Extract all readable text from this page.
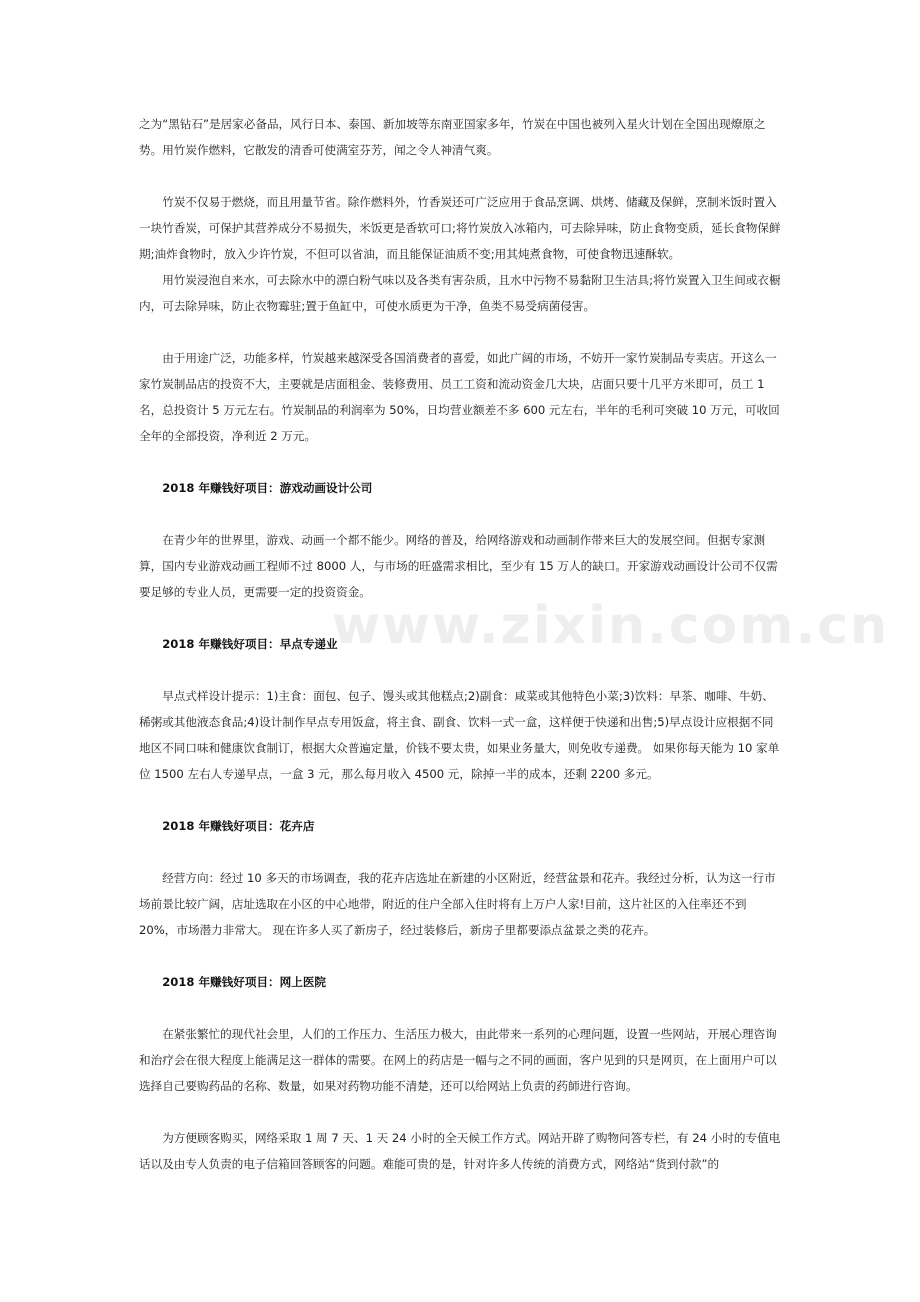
之为“黑钻石”是居家必备品，风行日本、泰国、新加坡等东南亚国家多年，竹炭在中国也被列入星火计划在全国出现燎原之势。用竹炭作燃料，它散发的清香可使满室芬芳，闻之令人神清气爽。
竹炭不仅易于燃烧，而且用量节省。除作燃料外，竹香炭还可广泛应用于食品烹调、烘烤、储藏及保鲜，烹制米饭时置入一块竹香炭，可保护其营养成分不易损失，米饭更是香软可口;将竹炭放入冰箱内，可去除异味，防止食物变质，延长食物保鲜期;油炸食物时，放入少许竹炭，不但可以省油，而且能保证油质不变;用其炖煮食物，可使食物迅速酥软。
用竹炭浸泡自来水，可去除水中的漂白粉气味以及各类有害杂质，且水中污物不易黏附卫生洁具;将竹炭置入卫生间或衣橱内，可去除异味，防止衣物霉驻;置于鱼缸中，可使水质更为干净，鱼类不易受病菌侵害。
由于用途广泛，功能多样，竹炭越来越深受各国消费者的喜爱，如此广阔的市场，不妨开一家竹炭制品专卖店。开这么一家竹炭制品店的投资不大，主要就是店面租金、装修费用、员工工资和流动资金几大块，店面只要十几平方米即可，员工 1 名，总投资计 5 万元左右。竹炭制品的利润率为 50%，日均营业额差不多 600 元左右，半年的毛利可突破 10 万元，可收回全年的全部投资，净利近 2 万元。
2018 年赚钱好项目：游戏动画设计公司
在青少年的世界里，游戏、动画一个都不能少。网络的普及，给网络游戏和动画制作带来巨大的发展空间。但据专家测算，国内专业游戏动画工程师不过 8000 人，与市场的旺盛需求相比，至少有 15 万人的缺口。开家游戏动画设计公司不仅需要足够的专业人员，更需要一定的投资资金。
2018 年赚钱好项目：早点专递业
早点式样设计提示：1)主食：面包、包子、馒头或其他糕点;2)副食：咸菜或其他特色小菜;3)饮料：早茶、咖啡、牛奶、稀粥或其他液态食品;4)设计制作早点专用饭盒，将主食、副食、饮料一式一盒，这样便于快递和出售;5)早点设计应根据不同地区不同口味和健康饮食制订，根据大众普遍定量，价钱不要太贵，如果业务量大，则免收专递费。 如果你每天能为 10 家单位 1500 左右人专递早点，一盒 3 元，那么每月收入 4500 元，除掉一半的成本，还剩 2200 多元。
2018 年赚钱好项目：花卉店
经营方向：经过 10 多天的市场调查，我的花卉店选址在新建的小区附近，经营盆景和花卉。我经过分析，认为这一行市场前景比较广阔，店址选取在小区的中心地带，附近的住户全部入住时将有上万户人家!目前，这片社区的入住率还不到 20%，市场潜力非常大。 现在许多人买了新房子，经过装修后，新房子里都要添点盆景之类的花卉。
2018 年赚钱好项目：网上医院
在紧张繁忙的现代社会里，人们的工作压力、生活压力极大，由此带来一系列的心理问题，设置一些网站，开展心理咨询和治疗会在很大程度上能满足这一群体的需要。在网上的药店是一幅与之不同的画面，客户见到的只是网页，在上面用户可以选择自己要购药品的名称、数量，如果对药物功能不清楚，还可以给网站上负责的药師进行咨询。
为方便顾客购买，网络采取 1 周 7 天、1 天 24 小时的全天候工作方式。网站开辟了购物问答专栏，有 24 小时的专值电话以及由专人负责的电子信箱回答顾客的问题。难能可贵的是，针对许多人传统的消费方式，网络站“货到付款”的
www.zixin.com.cn
